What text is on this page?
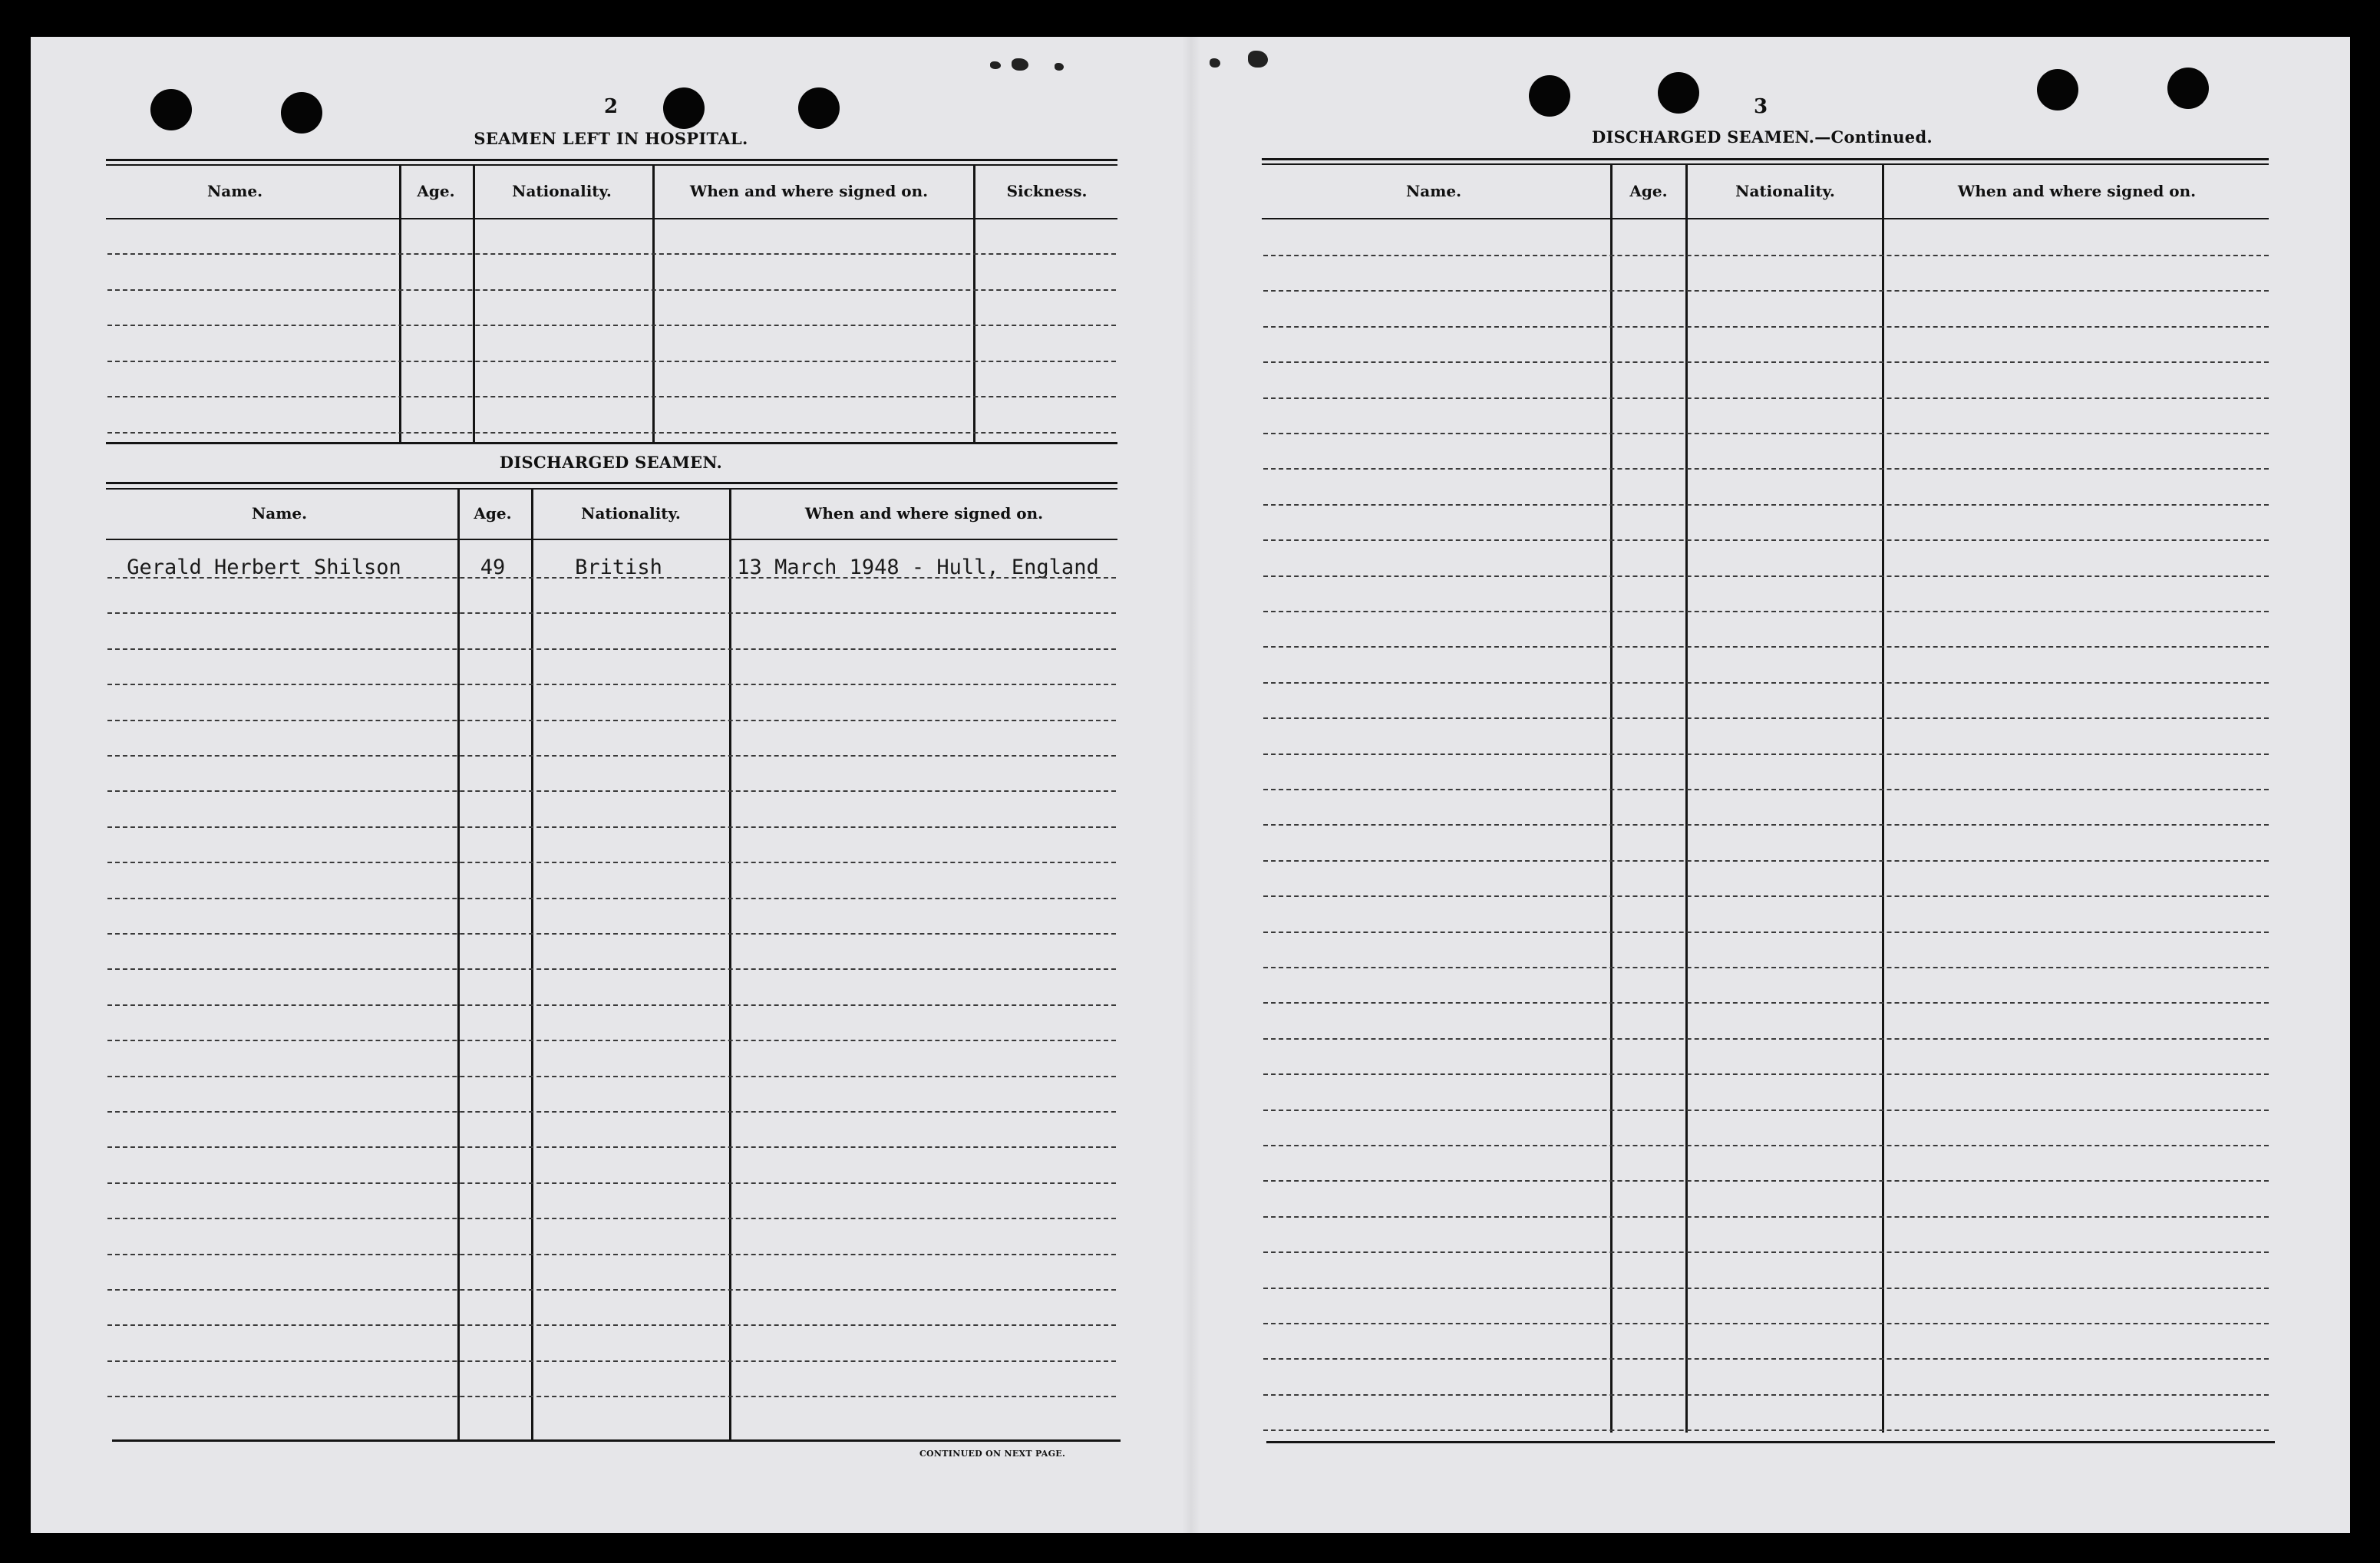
2
SEAMEN LEFT IN HOSPITAL.
Name.	Age.	Nationality.	When and where signed on.	Sickness.
DISCHARGED SEAMEN.
Name.	Age.	Nationality.	When and where signed on.
Gerald Herbert Shilson	49	British	13 March 1948 - Hull, England
CONTINUED ON NEXT PAGE.
3
DISCHARGED SEAMEN.—Continued.
Name.	Age.	Nationality.	When and where signed on.
